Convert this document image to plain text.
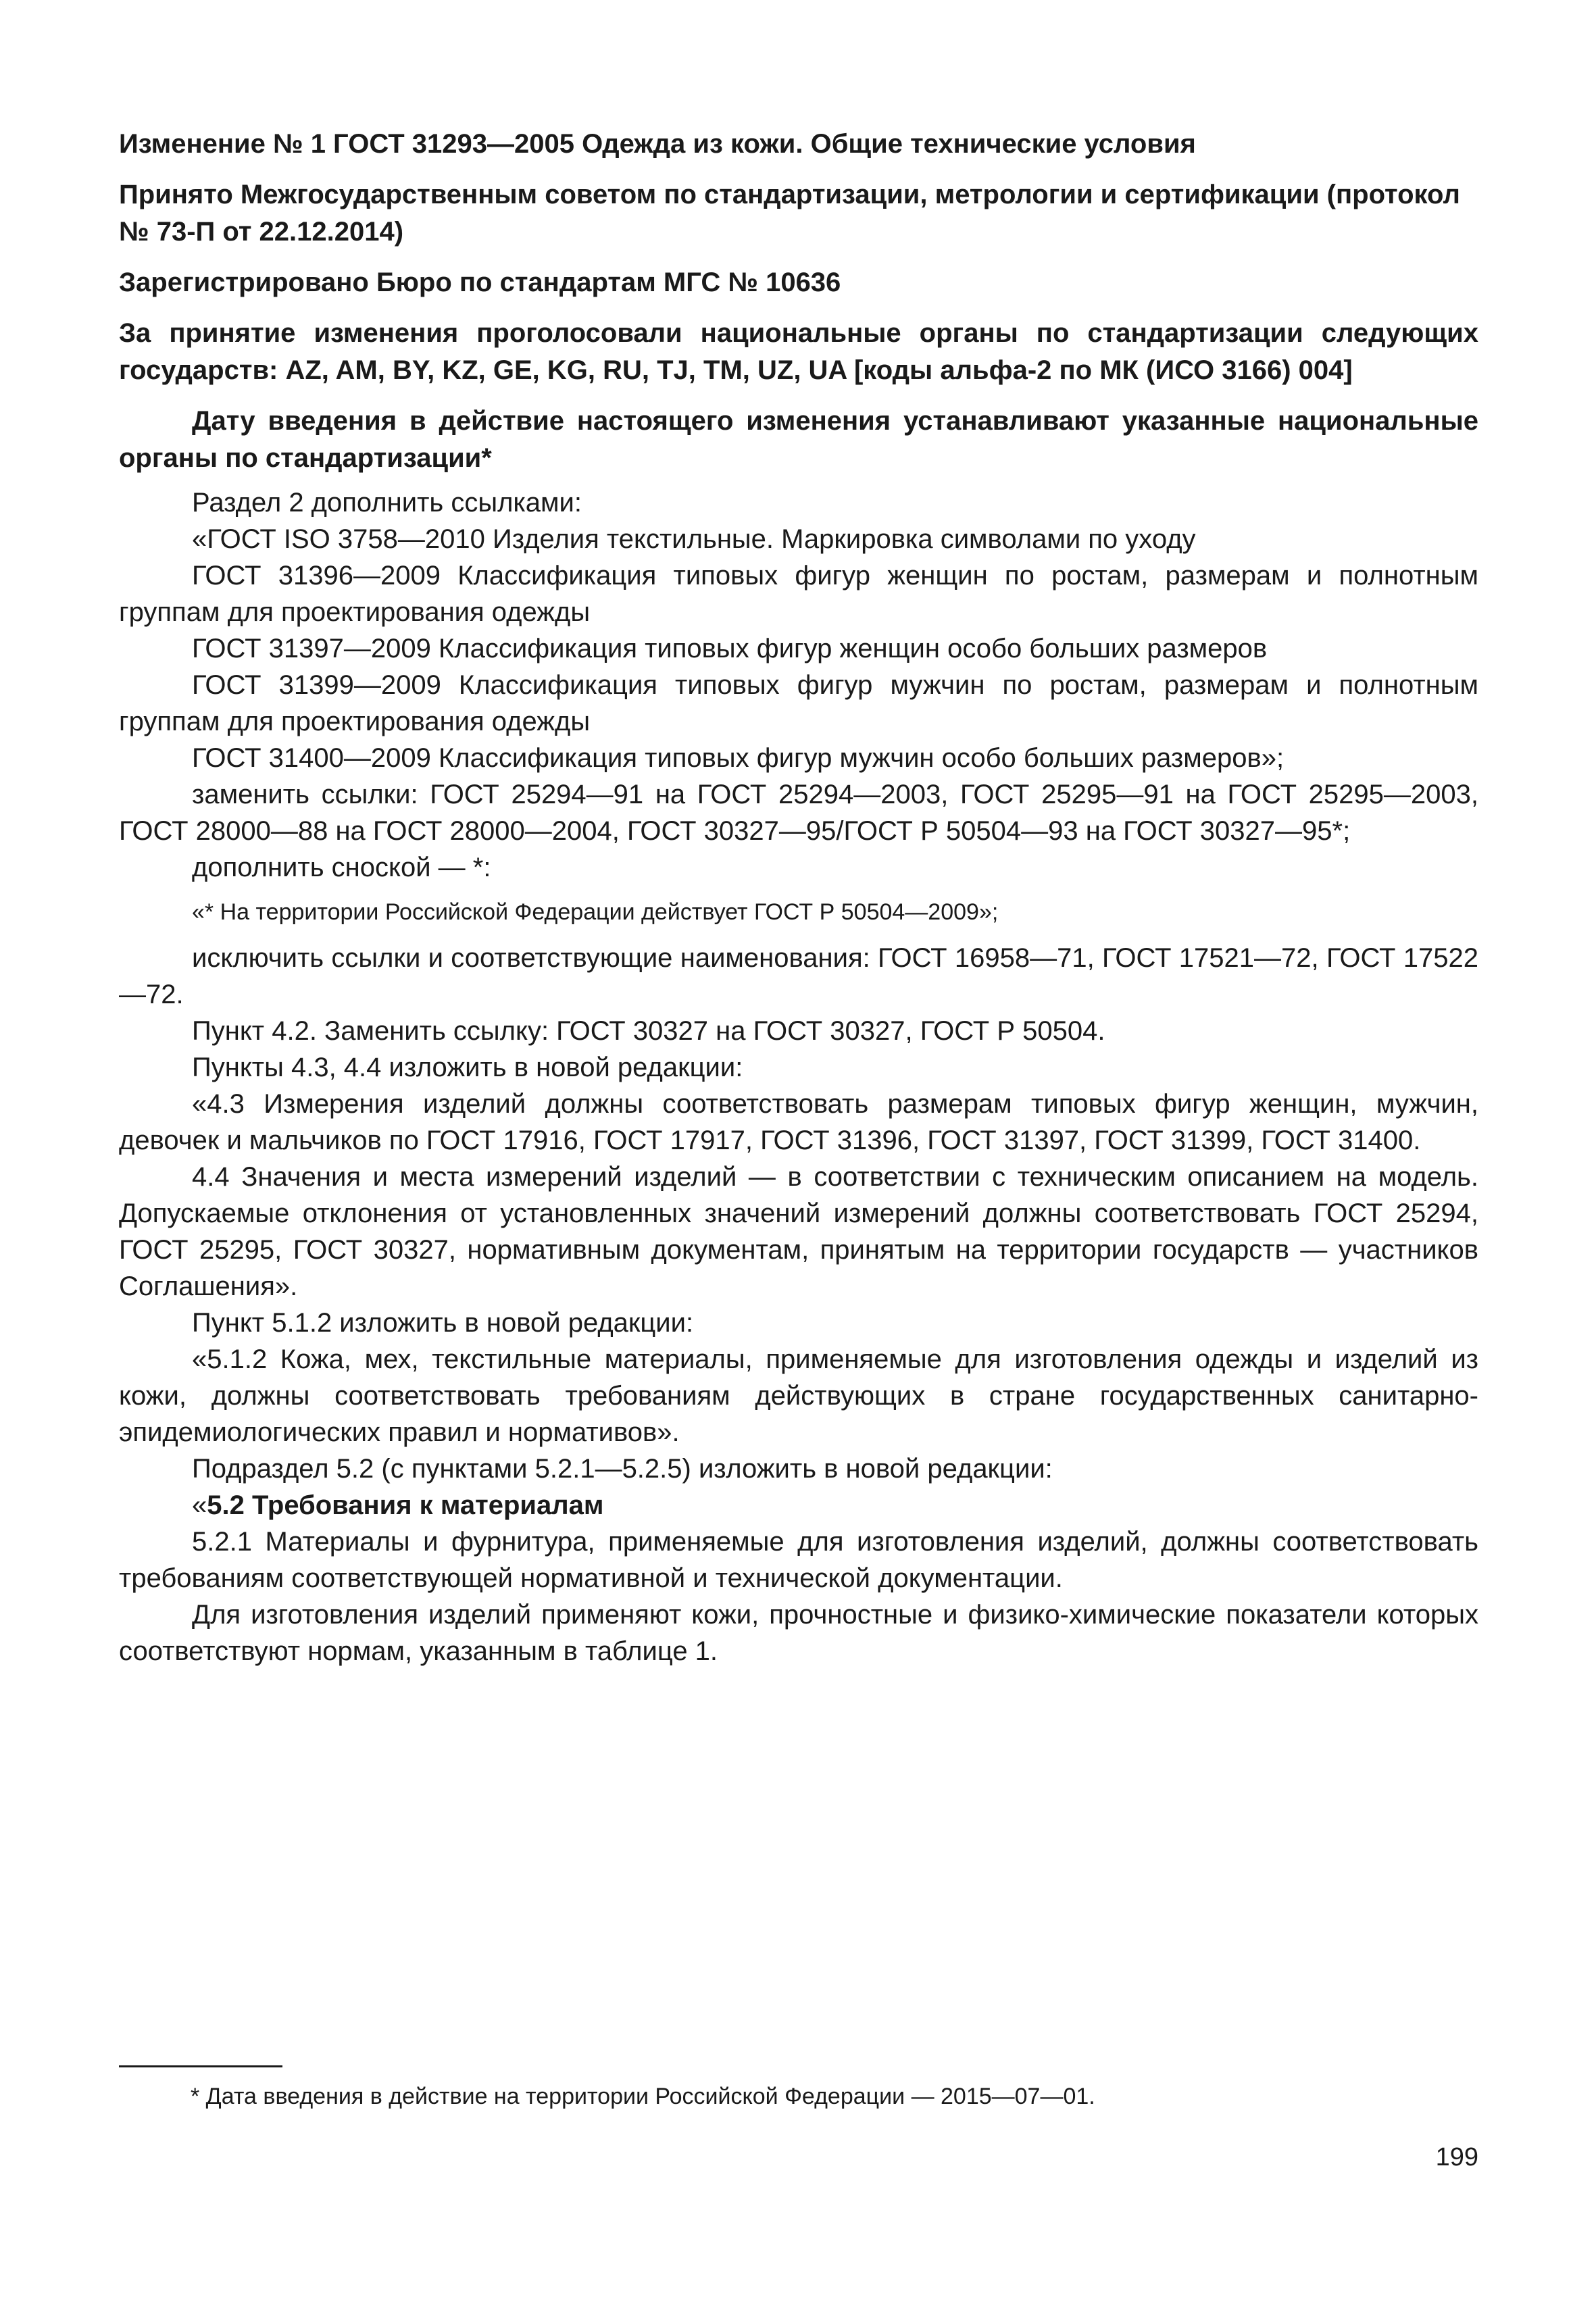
Изменение № 1 ГОСТ 31293—2005 Одежда из кожи. Общие технические условия

Принято Межгосударственным советом по стандартизации, метрологии и сертификации (протокол № 73-П от 22.12.2014)

Зарегистрировано Бюро по стандартам МГС № 10636

За принятие изменения проголосовали национальные органы по стандартизации следующих государств: AZ, AM, BY, KZ, GE, KG, RU, TJ, TM, UZ, UA [коды альфа-2 по МК (ИСО 3166) 004]

Дату введения в действие настоящего изменения устанавливают указанные национальные органы по стандартизации*

Раздел 2 дополнить ссылками:

«ГОСТ ISO 3758—2010 Изделия текстильные. Маркировка символами по уходу

ГОСТ 31396—2009 Классификация типовых фигур женщин по ростам, размерам и полнотным группам для проектирования одежды

ГОСТ 31397—2009 Классификация типовых фигур женщин особо больших размеров

ГОСТ 31399—2009 Классификация типовых фигур мужчин по ростам, размерам и полнотным группам для проектирования одежды

ГОСТ 31400—2009 Классификация типовых фигур мужчин особо больших размеров»;

заменить ссылки: ГОСТ 25294—91 на ГОСТ 25294—2003, ГОСТ 25295—91 на ГОСТ 25295—2003, ГОСТ 28000—88 на ГОСТ 28000—2004, ГОСТ 30327—95/ГОСТ Р 50504—93 на ГОСТ 30327—95*;

дополнить сноской — *:

«* На территории Российской Федерации действует ГОСТ Р 50504—2009»;

исключить ссылки и соответствующие наименования: ГОСТ 16958—71, ГОСТ 17521—72, ГОСТ 17522—72.

Пункт 4.2. Заменить ссылку: ГОСТ 30327 на ГОСТ 30327, ГОСТ Р 50504.

Пункты 4.3, 4.4 изложить в новой редакции:

«4.3 Измерения изделий должны соответствовать размерам типовых фигур женщин, мужчин, девочек и мальчиков по ГОСТ 17916, ГОСТ 17917, ГОСТ 31396, ГОСТ 31397, ГОСТ 31399, ГОСТ 31400.

4.4 Значения и места измерений изделий — в соответствии с техническим описанием на модель. Допускаемые отклонения от установленных значений измерений должны соответствовать ГОСТ 25294, ГОСТ 25295, ГОСТ 30327, нормативным документам, принятым на территории государств — участников Соглашения».

Пункт 5.1.2 изложить в новой редакции:

«5.1.2 Кожа, мех, текстильные материалы, применяемые для изготовления одежды и изделий из кожи, должны соответствовать требованиям действующих в стране государственных санитарно-эпидемиологических правил и нормативов».

Подраздел 5.2 (с пунктами 5.2.1—5.2.5) изложить в новой редакции:

«5.2 Требования к материалам

5.2.1 Материалы и фурнитура, применяемые для изготовления изделий, должны соответствовать требованиям соответствующей нормативной и технической документации.

Для изготовления изделий применяют кожи, прочностные и физико-химические показатели которых соответствуют нормам, указанным в таблице 1.

* Дата введения в действие на территории Российской Федерации — 2015—07—01.
199
